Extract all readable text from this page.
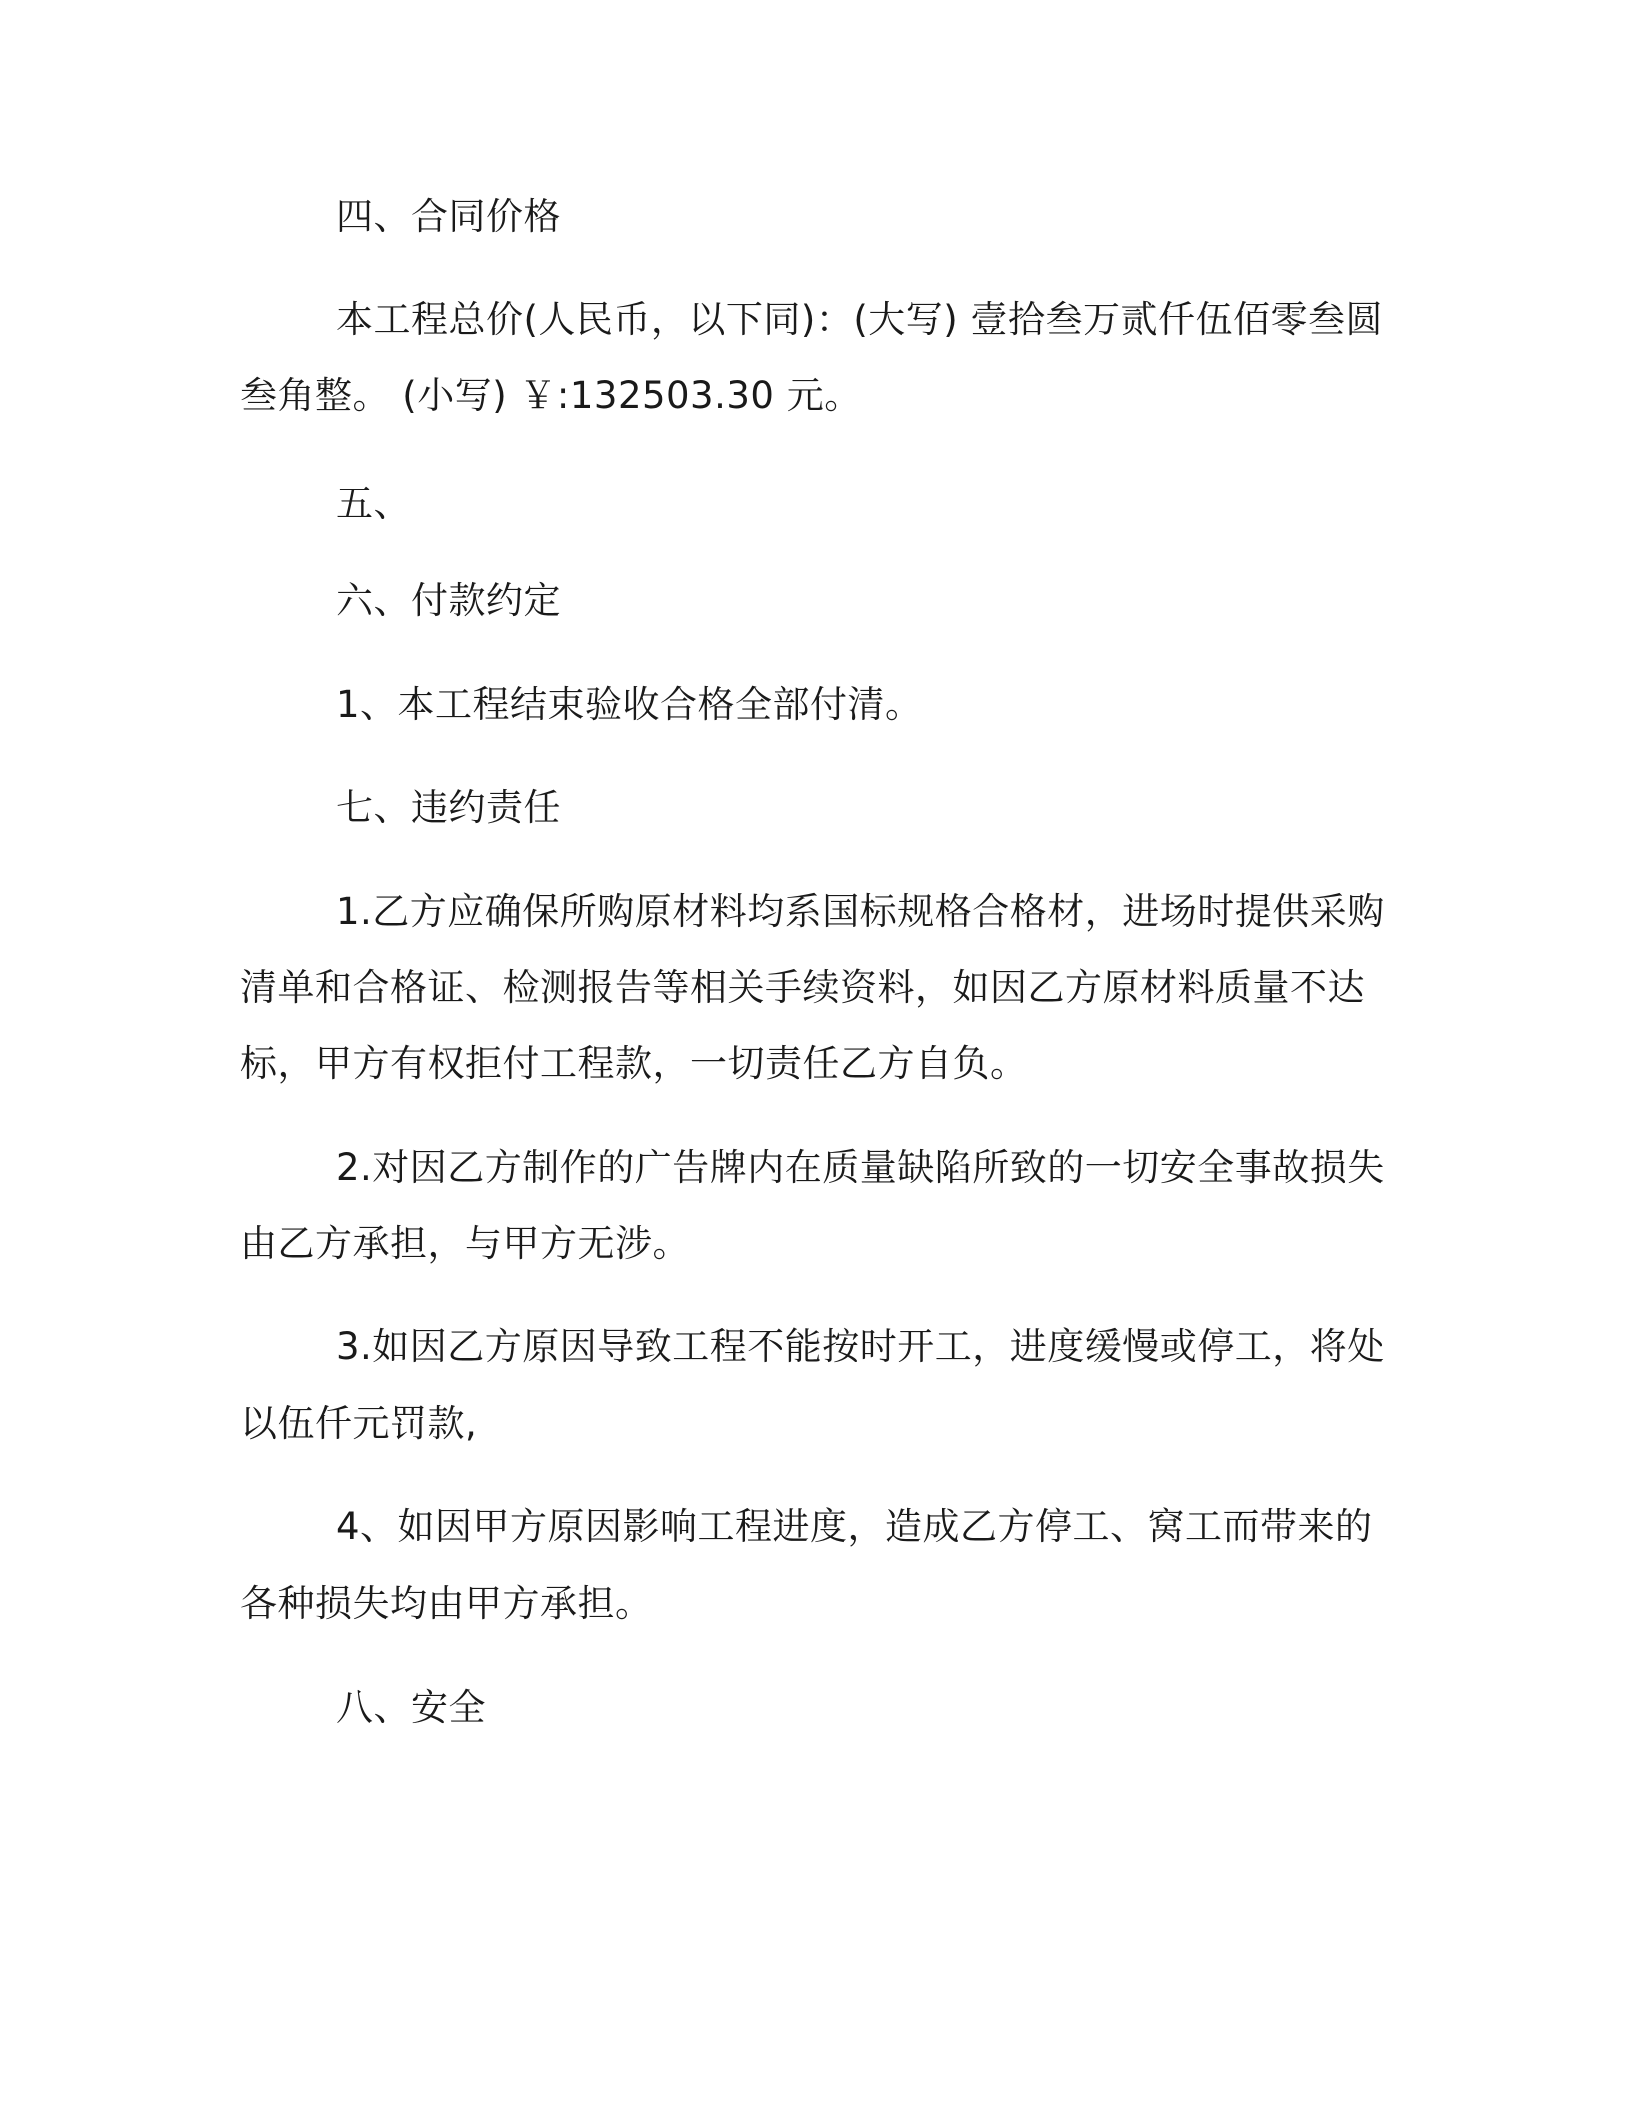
四、合同价格
本工程总价(人民币，以下同)：(大写) 壹拾叁万贰仟伍佰零叁圆
叁角整。 (小写) ￥:132503.30 元。
五、
六、付款约定
1、本工程结束验收合格全部付清。
七、违约责任
1.乙方应确保所购原材料均系国标规格合格材，进场时提供采购
清单和合格证、检测报告等相关手续资料，如因乙方原材料质量不达
标，甲方有权拒付工程款，一切责任乙方自负。
2.对因乙方制作的广告牌内在质量缺陷所致的一切安全事故损失
由乙方承担，与甲方无涉。
3.如因乙方原因导致工程不能按时开工，进度缓慢或停工，将处
以伍仟元罚款,
4、如因甲方原因影响工程进度，造成乙方停工、窝工而带来的
各种损失均由甲方承担。
八、安全
